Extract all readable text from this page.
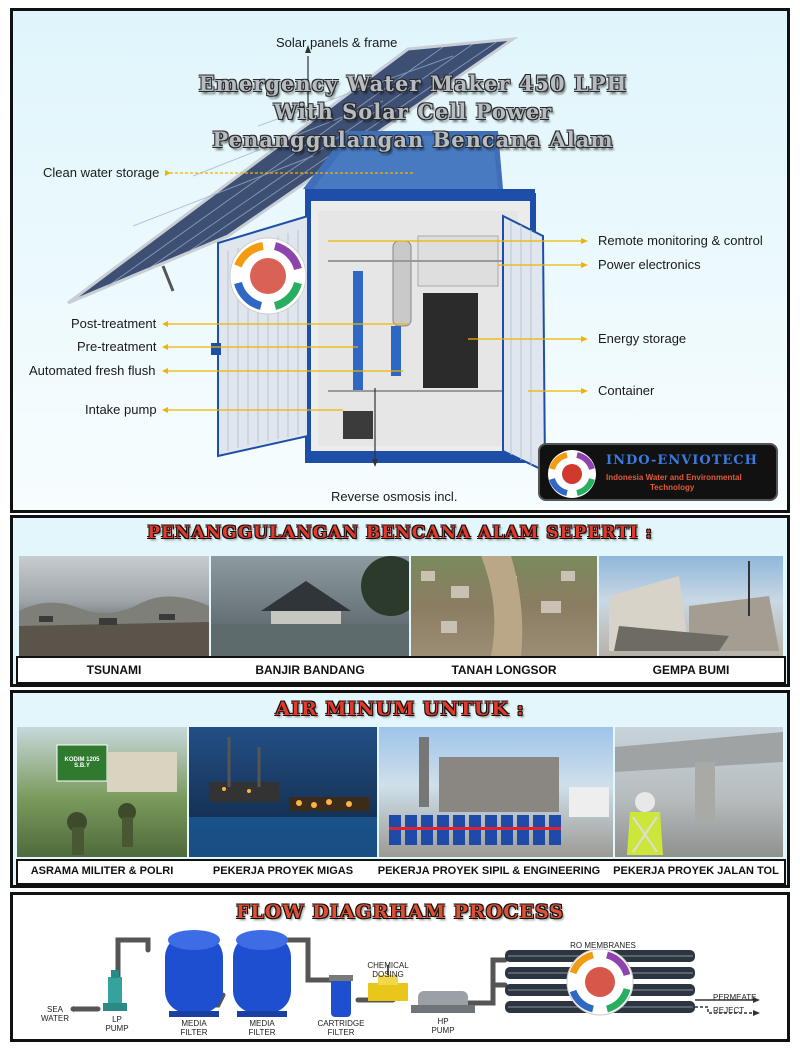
Emergency Water Maker 450 LPH
With Solar Cell Power
Penanggulangan Bencana Alam
Solar panels & frame
Clean water storage
Remote monitoring & control
Power electronics
Post-treatment
Pre-treatment
Automated fresh flush
Energy storage
Container
Intake pump
Reverse osmosis incl.
INDO-ENVIOTECH
Indonesia Water and Environmental
Technology
PENANGGULANGAN BENCANA ALAM SEPERTI :
TSUNAMI	BANJIR BANDANG	TANAH LONGSOR	GEMPA BUMI
AIR MINUM UNTUK :
KODIM 1205 S.B.Y
ASRAMA MILITER & POLRI	PEKERJA PROYEK MIGAS	PEKERJA PROYEK SIPIL & ENGINEERING	PEKERJA PROYEK JALAN TOL
FLOW DIAGRHAM PROCESS
SEA
WATER	LP
PUMP
MEDIA
FILTER
MEDIA
FILTER
CARTRIDGE
FILTER
CHEMICAL
DOSING
HP
PUMP
RO MEMBRANES
PERMEATE
REJECT
